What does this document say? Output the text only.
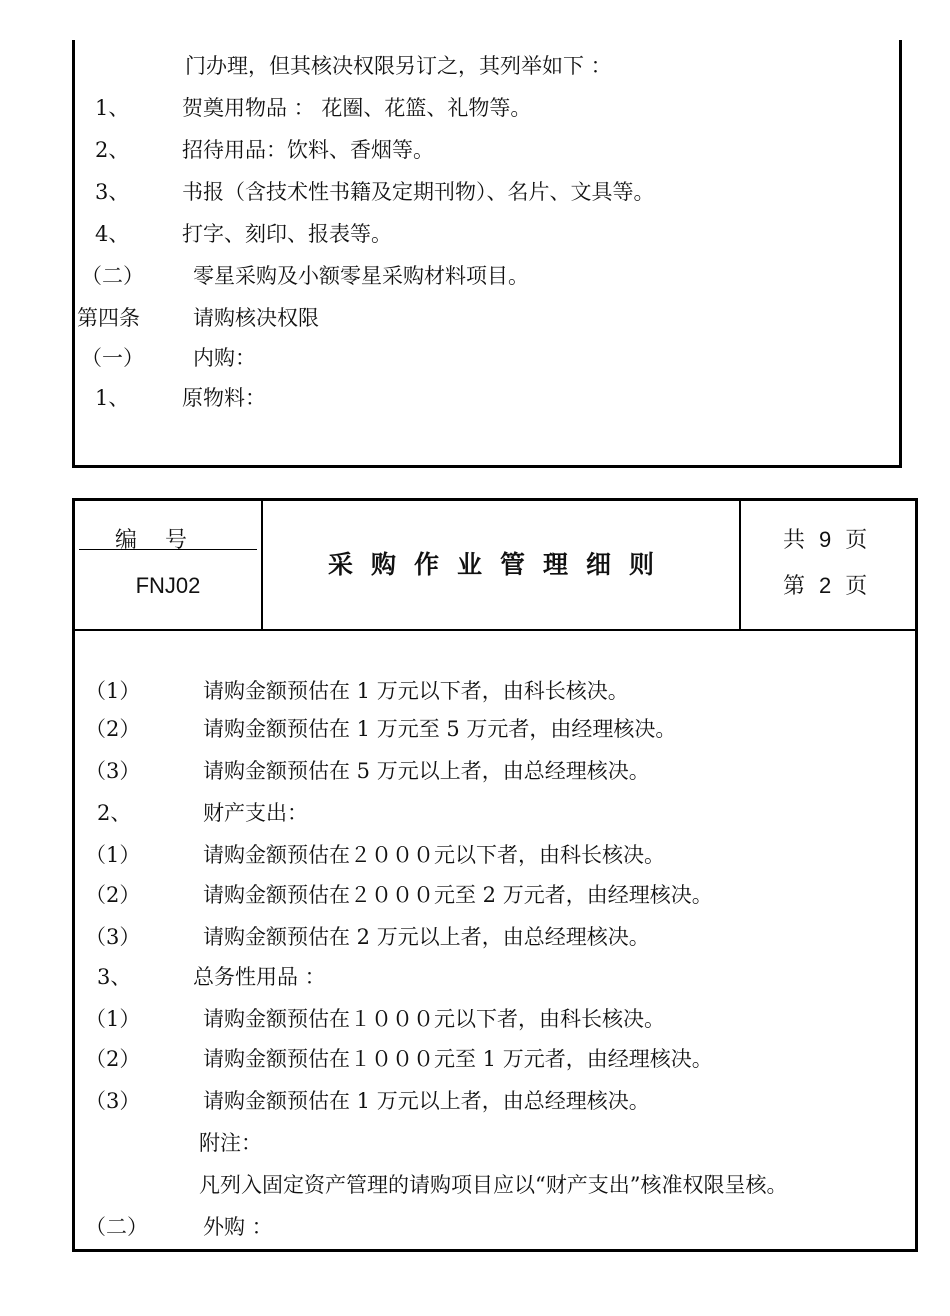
门办理，但其核决权限另订之，其列举如下 ：
1、	贺奠用物品 ： 花圈、花篮、礼物等。
2、	招待用品：饮料、香烟等。
3、	书报（含技术性书籍及定期刊物）、名片、文具等。
4、	打字、刻印、报表等。
（二） 零星采购及小额零星采购材料项目。
第四条	请购核决权限
（一） 内购：
1、	原物料：
编号
FNJ02
采购作业管理细则
共 9 页
第 2 页
（1）	请购金额预估在 1 万元以下者，由科长核决。
（2）	请购金额预估在 1 万元至 5 万元者，由经理核决。
（3）	请购金额预估在 5 万元以上者，由总经理核决。
2、	财产支出：
（1）	请购金额预估在２０００元以下者，由科长核决。
（2）	请购金额预估在２０００元至 2 万元者，由经理核决。
（3）	请购金额预估在 2 万元以上者，由总经理核决。
3、	总务性用品 ：
（1）	请购金额预估在１０００元以下者，由科长核决。
（2）	请购金额预估在１０００元至 1 万元者，由经理核决。
（3）	请购金额预估在 1 万元以上者，由总经理核决。
附注：
凡列入固定资产管理的请购项目应以“财产支出”核准权限呈核。
（二）	外购 ：
